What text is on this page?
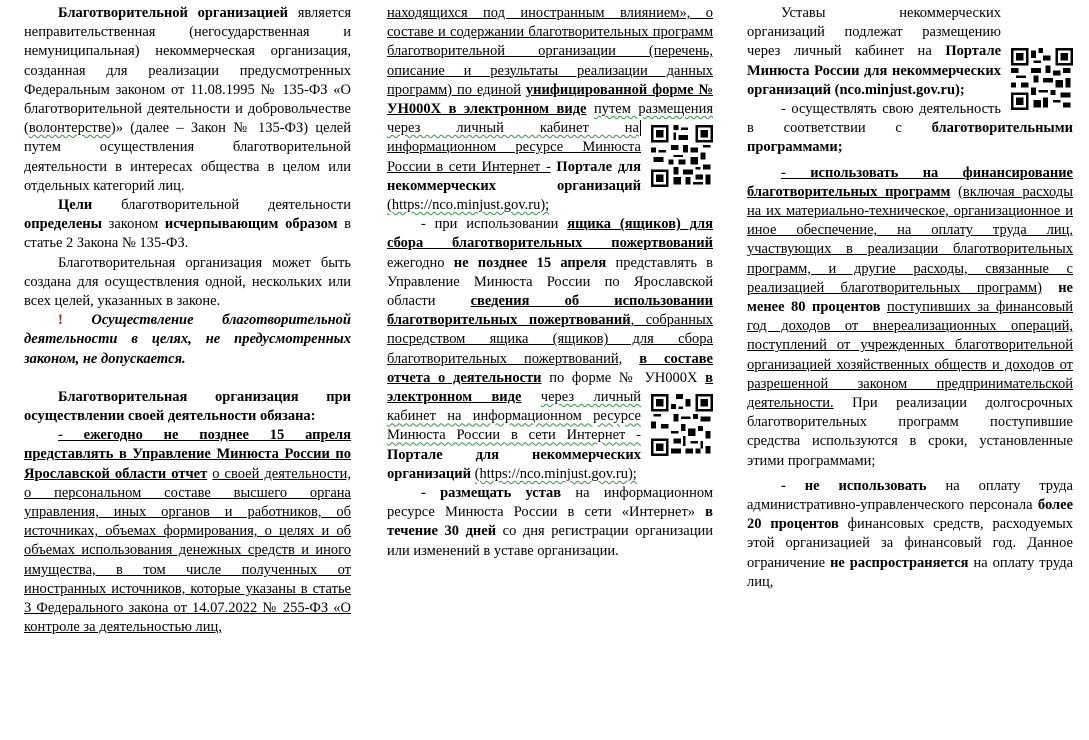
Благотворительной организацией является неправительственная (негосударственная и немуниципальная) некоммерческая организация, созданная для реализации предусмотренных Федеральным законом от 11.08.1995 № 135-ФЗ «О благотворительной деятельности и добровольчестве (волонтерстве)» (далее – Закон № 135-ФЗ) целей путем осуществления благотворительной деятельности в интересах общества в целом или отдельных категорий лиц.

Цели благотворительной деятельности определены законом исчерпывающим образом в статье 2 Закона № 135-ФЗ.

Благотворительная организация может быть создана для осуществления одной, нескольких или всех целей, указанных в законе.

! Осуществление благотворительной деятельности в целях, не предусмотренных законом, не допускается.

Благотворительная организация при осуществлении своей деятельности обязана:

- ежегодно не позднее 15 апреля представлять в Управление Минюста России по Ярославской области отчет о своей деятельности, о персональном составе высшего органа управления, иных органов и работников, об источниках, объемах формирования, о целях и об объемах использования денежных средств и иного имущества, в том числе полученных от иностранных источников, которые указаны в статье 3 Федерального закона от 14.07.2022 № 255-ФЗ «О контроле за деятельностью лиц,

находящихся под иностранным влиянием», о составе и содержании благотворительных программ благотворительной организации (перечень, описание и результаты реализации данных программ) по единой унифицированной форме № УН000Х в электронном виде путем размещения через личный кабинет на
информационном ресурсе Минюста России в сети Интернет - Порталe для некоммерческих организаций (https://nco.minjust.gov.ru);

- при использовании ящика (ящиков) для сбора благотворительных пожертвований ежегодно не позднее 15 апреля представлять в Управление Минюста России по Ярославской области сведения об использовании благотворительных пожертвований, собранных посредством ящика (ящиков) для сбора благотворительных пожертвований, в составе отчета о деятельности по форме № УН000Х в электронном виде через личный кабинет на информационном ресурсе Минюста России в сети Интернет - Порталe для некоммерческих организаций (https://nco.minjust.gov.ru);

- размещать устав на информационном ресурсе Минюста России в сети «Интернет» в течение 30 дней со дня регистрации организации или изменений в уставе организации.

Уставы некоммерческих организаций подлежат размещению через личный кабинет на Портале Минюста России для некоммерческих организаций (nco.minjust.gov.ru);

- осуществлять свою деятельность в соответствии с благотворительными программами;

- использовать на финансирование благотворительных программ (включая расходы на их материально-техническое, организационное и иное обеспечение, на оплату труда лиц, участвующих в реализации благотворительных программ, и другие расходы, связанные с реализацией благотворительных программ) не менее 80 процентов поступивших за финансовый год доходов от внереализационных операций, поступлений от учрежденных благотворительной организацией хозяйственных обществ и доходов от разрешенной законом предпринимательской деятельности. При реализации долгосрочных благотворительных программ поступившие средства используются в сроки, установленные этими программами;

- не использовать на оплату труда административно-управленческого персонала более 20 процентов финансовых средств, расходуемых этой организацией за финансовый год. Данное ограничение не распространяется на оплату труда лиц,
